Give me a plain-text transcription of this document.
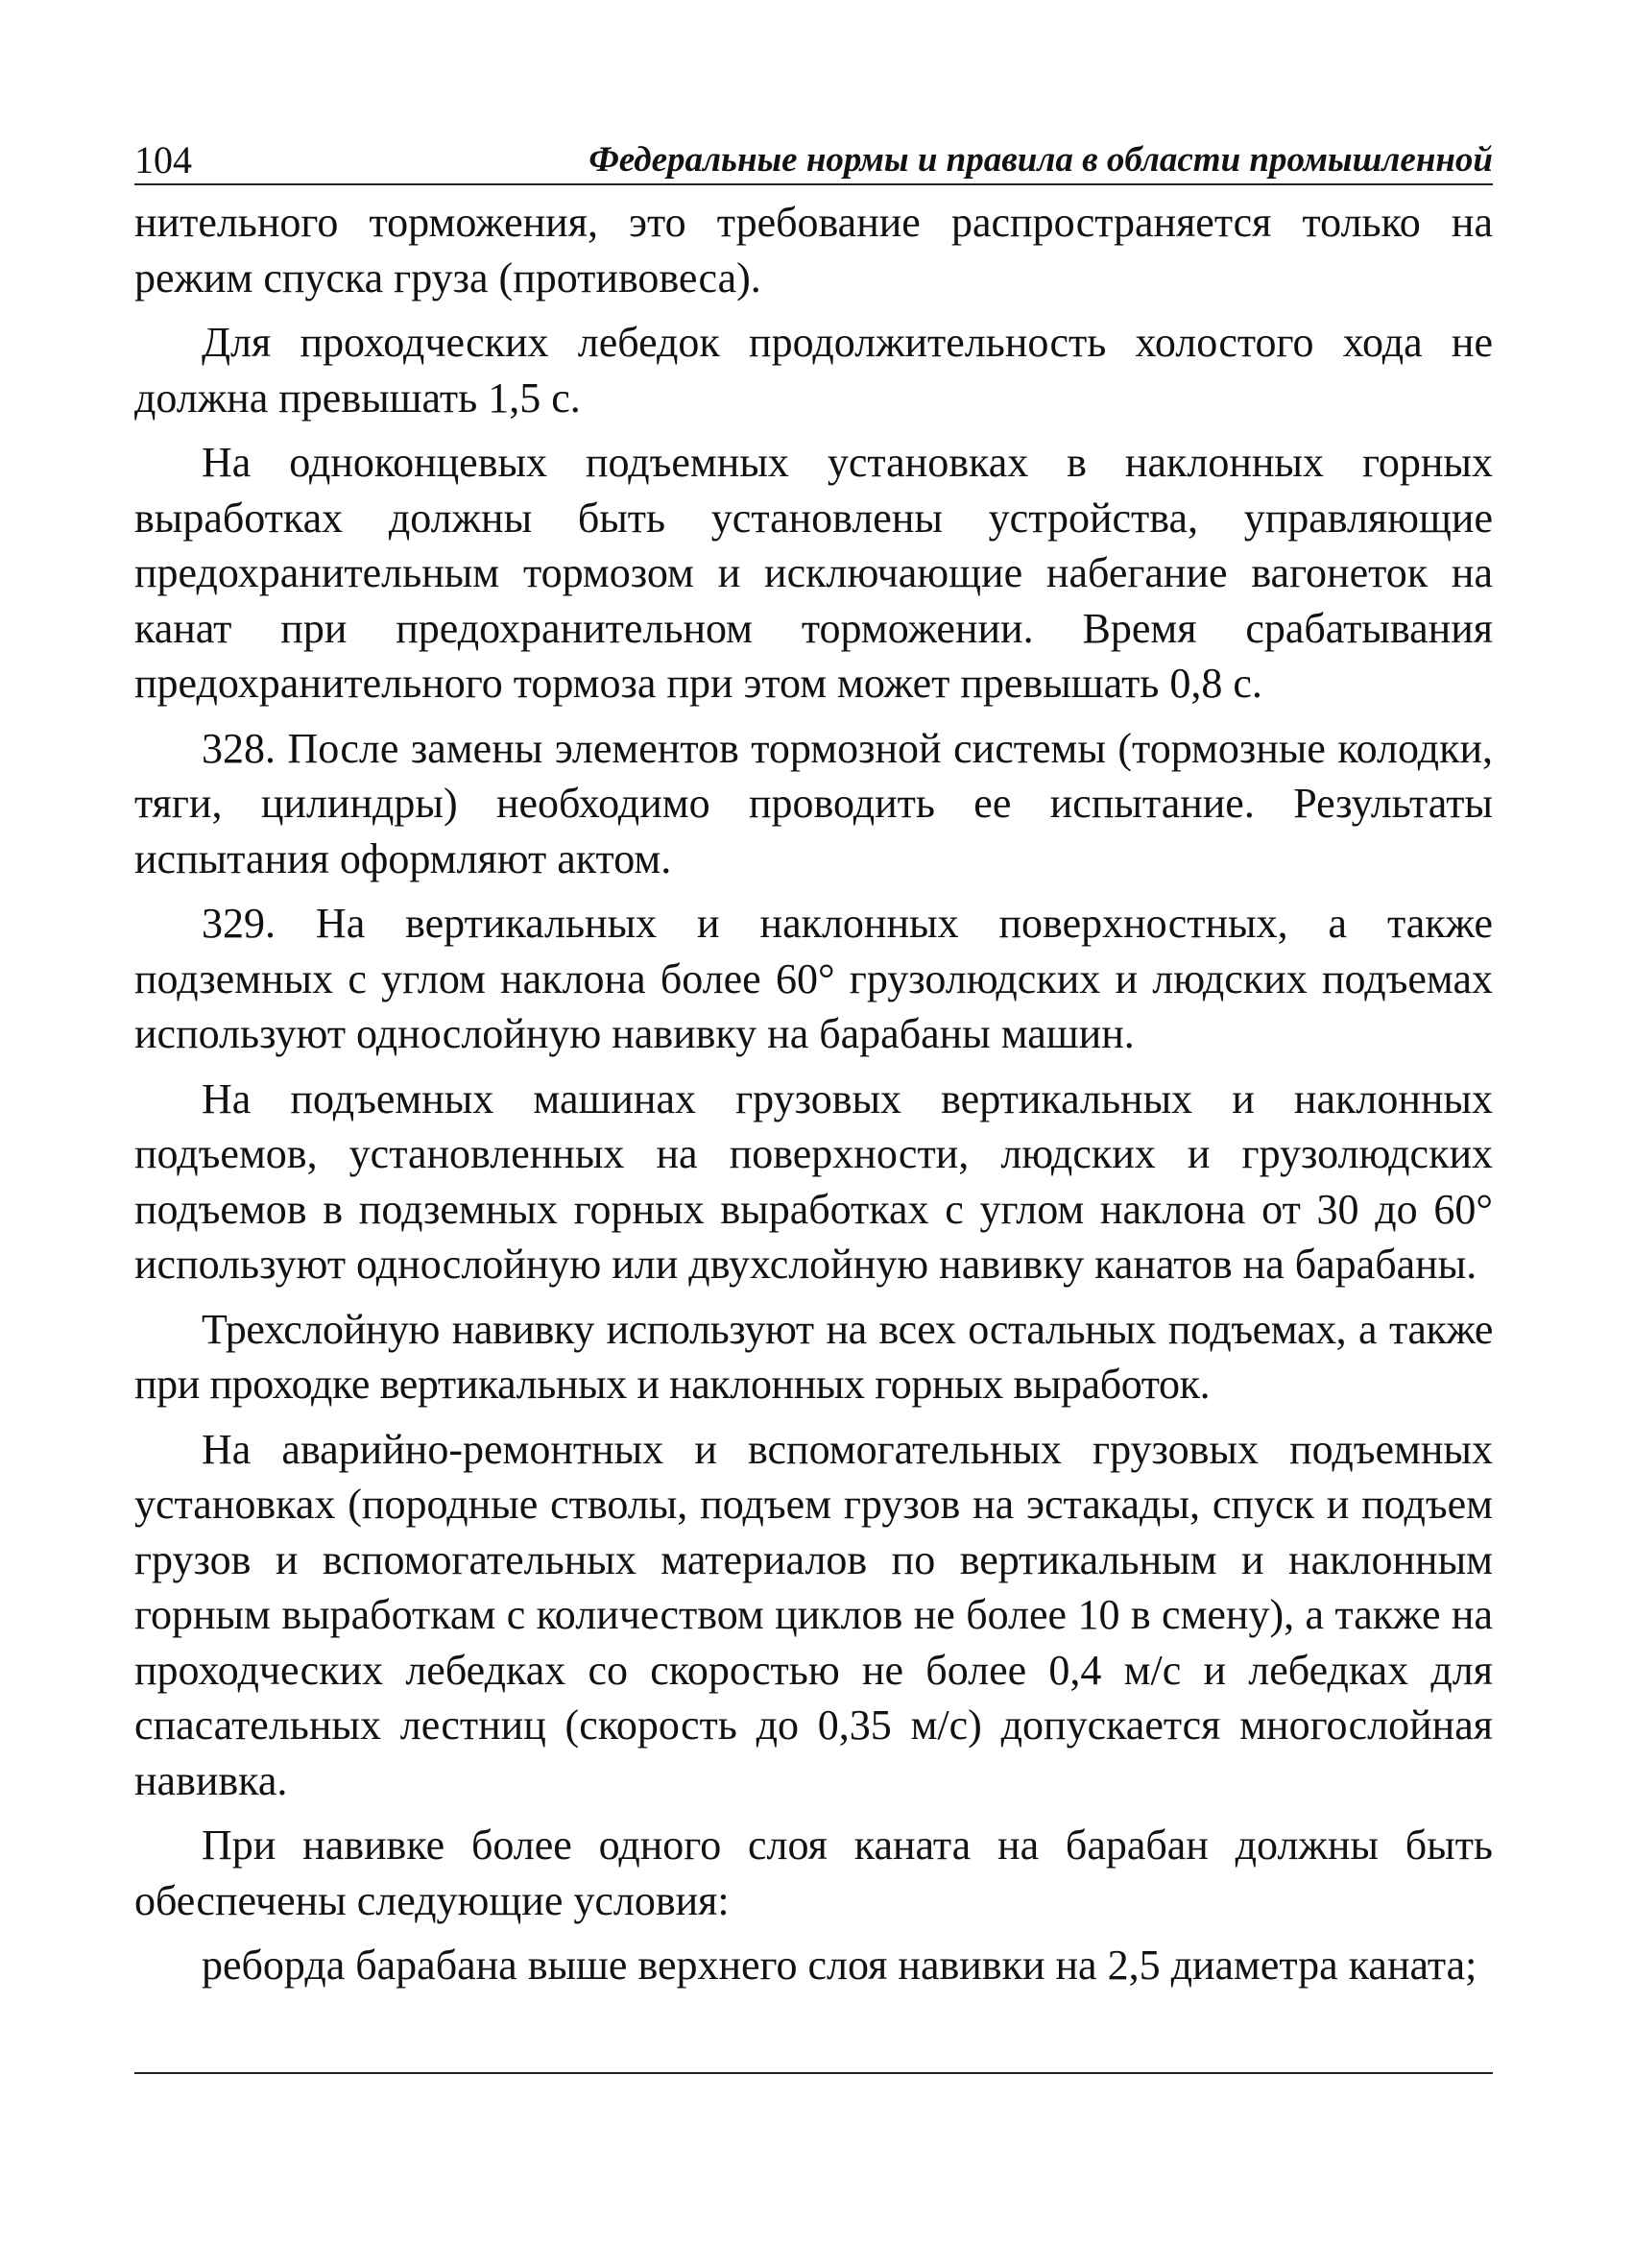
104	Федеральные нормы и правила в области промышленной

нительного торможения, это требование распространяется только на режим спуска груза (противовеса).

Для проходческих лебедок продолжительность холостого хода не должна превышать 1,5 с.

На одноконцевых подъемных установках в наклонных горных выработках должны быть установлены устройства, управляющие предохранительным тормозом и исключающие набегание вагонеток на канат при предохранительном торможении. Время срабатывания предохранительного тормоза при этом может превышать 0,8 с.

328. После замены элементов тормозной системы (тормозные колодки, тяги, цилиндры) необходимо проводить ее испытание. Результаты испытания оформляют актом.

329. На вертикальных и наклонных поверхностных, а также подземных с углом наклона более 60° грузолюдских и людских подъемах используют однослойную навивку на барабаны машин.

На подъемных машинах грузовых вертикальных и наклонных подъемов, установленных на поверхности, людских и грузолюдских подъемов в подземных горных выработках с углом наклона от 30 до 60° используют однослойную или двухслойную навивку канатов на барабаны.

Трехслойную навивку используют на всех остальных подъемах, а также при проходке вертикальных и наклонных горных выработок.

На аварийно-ремонтных и вспомогательных грузовых подъемных установках (породные стволы, подъем грузов на эстакады, спуск и подъем грузов и вспомогательных материалов по вертикальным и наклонным горным выработкам с количеством циклов не более 10 в смену), а также на проходческих лебедках со скоростью не более 0,4 м/с и лебедках для спасательных лестниц (скорость до 0,35 м/с) допускается многослойная навивка.

При навивке более одного слоя каната на барабан должны быть обеспечены следующие условия:

реборда барабана выше верхнего слоя навивки на 2,5 диаметра каната;
